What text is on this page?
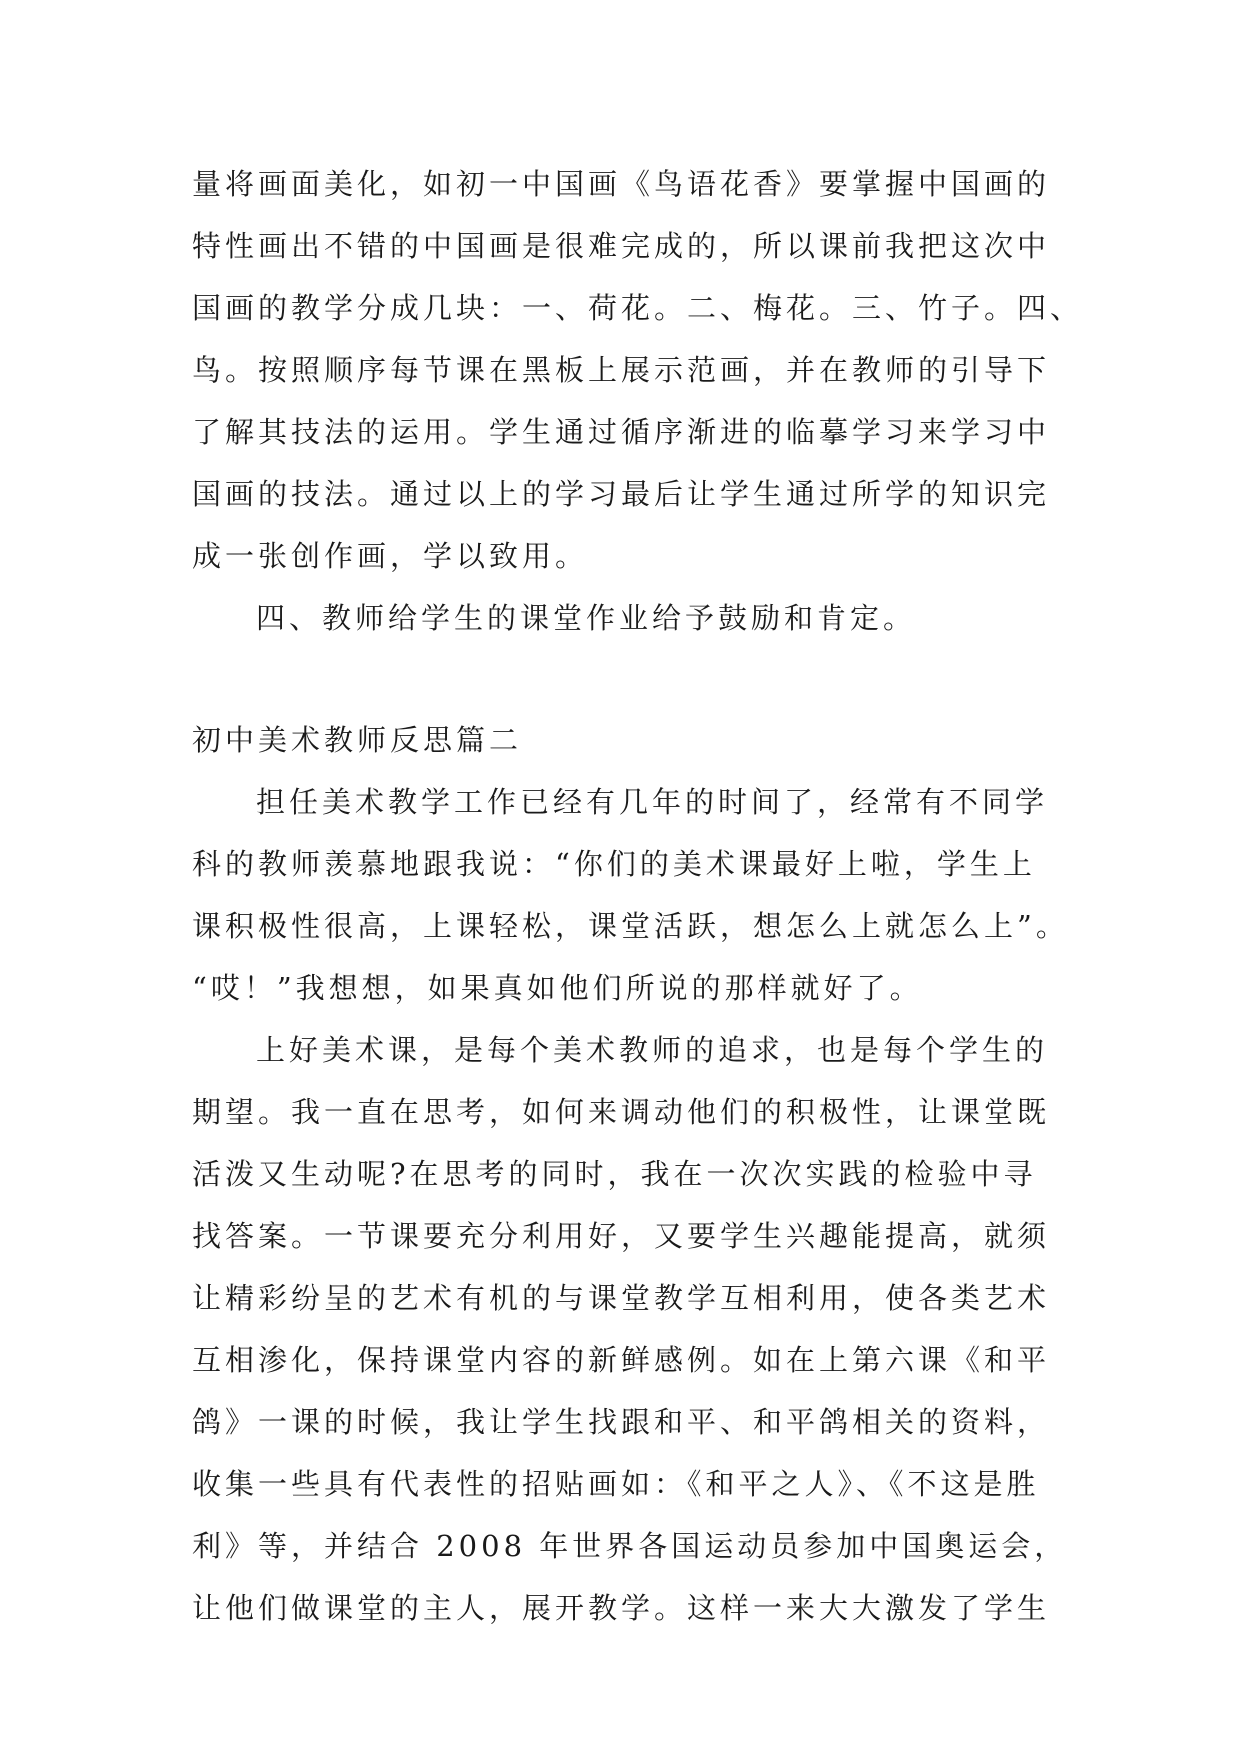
量将画面美化，如初一中国画《鸟语花香》要掌握中国画的
特性画出不错的中国画是很难完成的，所以课前我把这次中
国画的教学分成几块：一、荷花。二、梅花。三、竹子。四、
鸟。按照顺序每节课在黑板上展示范画，并在教师的引导下
了解其技法的运用。学生通过循序渐进的临摹学习来学习中
国画的技法。通过以上的学习最后让学生通过所学的知识完
成一张创作画，学以致用。
四、教师给学生的课堂作业给予鼓励和肯定。
初中美术教师反思篇二
担任美术教学工作已经有几年的时间了，经常有不同学
科的教师羡慕地跟我说：“你们的美术课最好上啦，学生上
课积极性很高，上课轻松，课堂活跃，想怎么上就怎么上”。
“哎！”我想想，如果真如他们所说的那样就好了。
上好美术课，是每个美术教师的追求，也是每个学生的
期望。我一直在思考，如何来调动他们的积极性，让课堂既
活泼又生动呢?在思考的同时，我在一次次实践的检验中寻
找答案。一节课要充分利用好，又要学生兴趣能提高，就须
让精彩纷呈的艺术有机的与课堂教学互相利用，使各类艺术
互相渗化，保持课堂内容的新鲜感例。如在上第六课《和平
鸽》一课的时候，我让学生找跟和平、和平鸽相关的资料，
收集一些具有代表性的招贴画如：《和平之人》、《不这是胜
利》等，并结合 2008 年世界各国运动员参加中国奥运会，
让他们做课堂的主人，展开教学。这样一来大大激发了学生
